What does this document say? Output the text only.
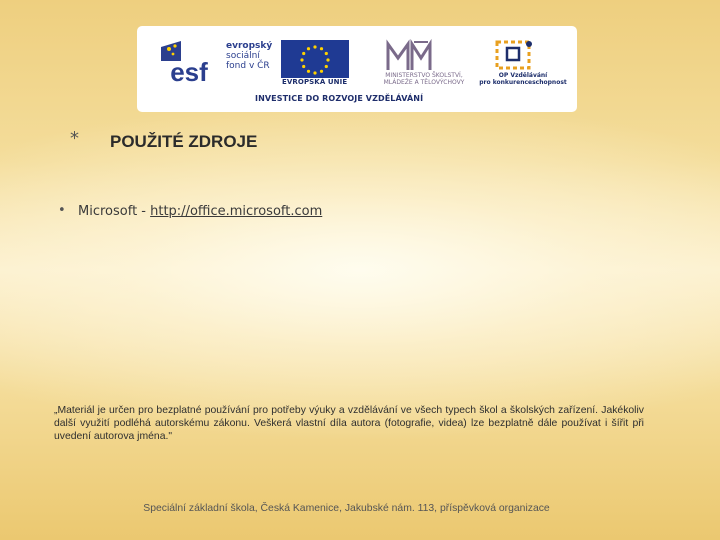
esf
evropský
sociální
fond v ČR
EVROPSKÁ UNIE
MINISTERSTVO ŠKOLSTVÍ,
MLÁDEŽE A TĚLOVÝCHOVY
OP Vzdělávání
pro konkurenceschopnost
INVESTICE DO ROZVOJE VZDĚLÁVÁNÍ
* POUŽITÉ ZDROJE
• Microsoft - http://office.microsoft.com
„Materiál je určen pro bezplatné používání pro potřeby výuky a vzdělávání ve všech typech škol a školských zařízení. Jakékoliv další využití podléhá autorskému zákonu. Veškerá vlastní díla autora (fotografie, videa) lze bezplatně dále používat i šířit při uvedení autorova jména."
Speciální základní škola, Česká Kamenice, Jakubské nám. 113, příspěvková organizace
